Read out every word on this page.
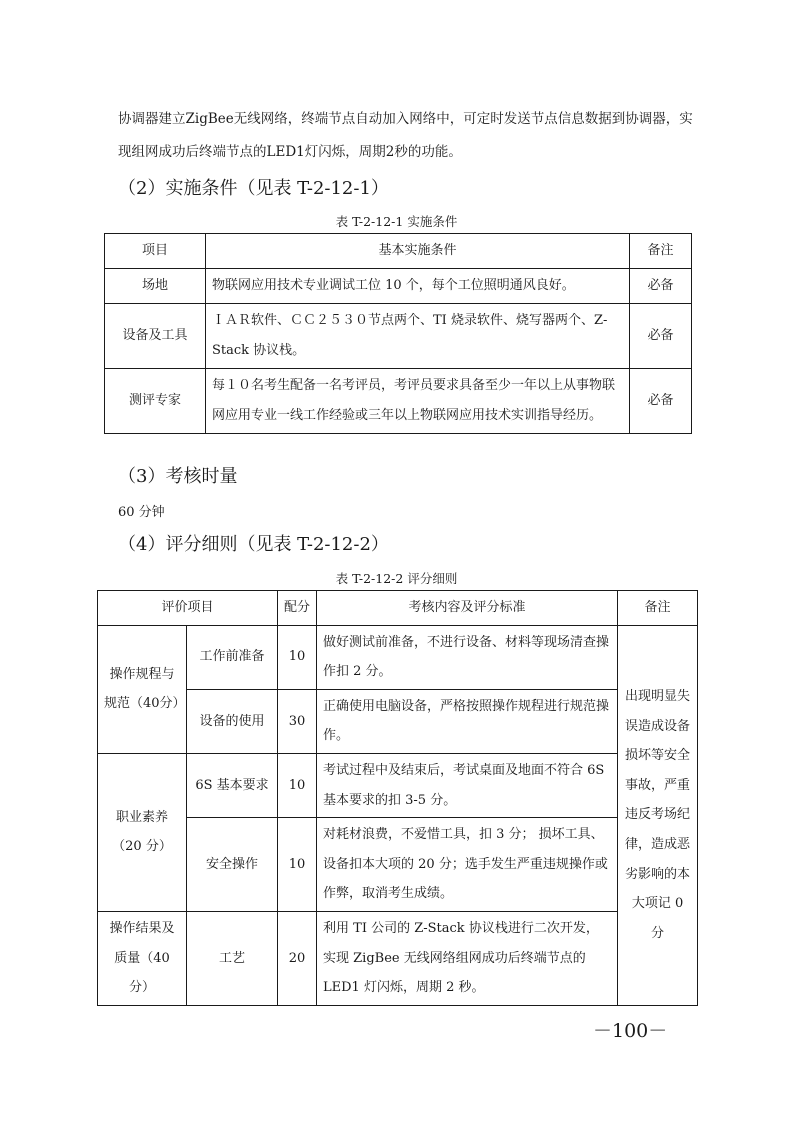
协调器建立ZigBee无线网络，终端节点自动加入网络中，可定时发送节点信息数据到协调器，实现组网成功后终端节点的LED1灯闪烁，周期2秒的功能。

（2）实施条件（见表 T-2-12-1）

表 T-2-12-1 实施条件

项目	基本实施条件	备注
场地	物联网应用技术专业调试工位 10 个，每个工位照明通风良好。	必备
设备及工具	ＩＡＲ软件、ＣＣ２５３０节点两个、TI 烧录软件、烧写器两个、Z-Stack 协议栈。	必备
测评专家	每１０名考生配备一名考评员，考评员要求具备至少一年以上从事物联网应用专业一线工作经验或三年以上物联网应用技术实训指导经历。	必备
（3）考核时量

60 分钟

（4）评分细则（见表 T-2-12-2）

表 T-2-12-2 评分细则

评价项目		配分	考核内容及评分标准	备注
操作规程与规范（40分）	工作前准备	10	做好测试前准备，不进行设备、材料等现场清查操作扣 2 分。	出现明显失误造成设备损坏等安全事故，严重违反考场纪律，造成恶劣影响的本大项记 0 分
	设备的使用	30	正确使用电脑设备，严格按照操作规程进行规范操作。	
职业素养（20 分）	6S 基本要求	10	考试过程中及结束后，考试桌面及地面不符合 6S 基本要求的扣 3-5 分。	
	安全操作	10	对耗材浪费，不爱惜工具，扣 3 分； 损坏工具、设备扣本大项的 20 分；选手发生严重违规操作或作弊，取消考生成绩。	
操作结果及质量（40 分）	工艺	20	利用 TI 公司的 Z-Stack 协议栈进行二次开发，实现 ZigBee 无线网络组网成功后终端节点的 LED1 灯闪烁，周期 2 秒。	

－100－
